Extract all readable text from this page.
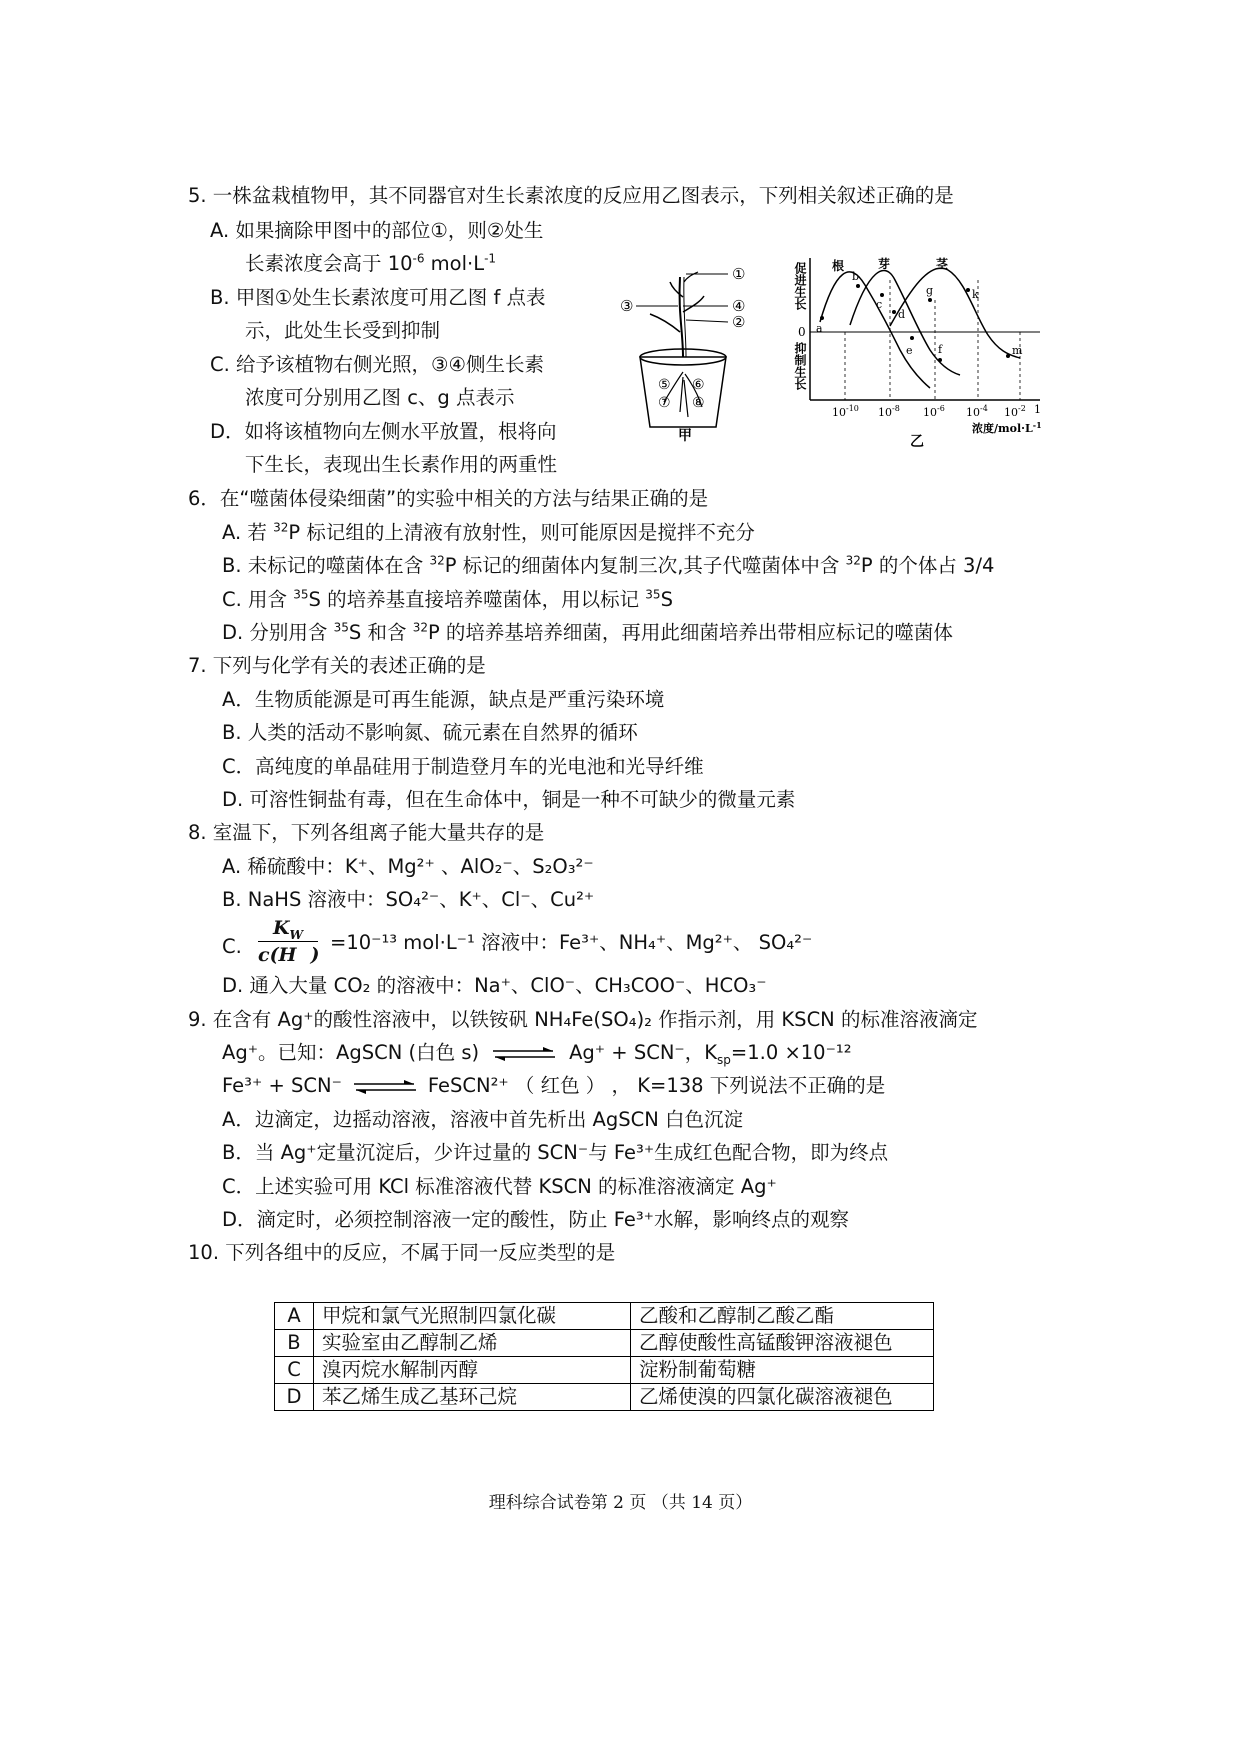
5. 一株盆栽植物甲，其不同器官对生长素浓度的反应用乙图表示，下列相关叙述正确的是
A. 如果摘除甲图中的部位①，则②处生
长素浓度会高于 $10^{-6}$ $mol\cdot L^{-1}$
B. 甲图①处生长素浓度可用乙图 f 点表
示，此处生长受到抑制
C. 给予该植物右侧光照，③④侧生长素
浓度可分别用乙图 c、g 点表示
D．如将该植物向左侧水平放置，根将向
下生长，表现出生长素作用的两重性
①
②
③	④
⑤ ⑥
⑦ ⑧
甲
促进生长
0
抑制生长
根	芽	茎
a
b
c
d
e f
g	k
m
$10^{-10}$ $10^{-8}$ $10^{-6}$ $10^{-4}$ $10^{-2}$ 1
浓度$/mol\cdot L^{-1}$
乙
6．在“噬菌体侵染细菌”的实验中相关的方法与结果正确的是
A. 若 $^{32}$P 标记组的上清液有放射性，则可能原因是搅拌不充分
B. 未标记的噬菌体在含 $^{32}$P 标记的细菌体内复制三次,其子代噬菌体中含 $^{32}$P 的个体占 3/4
C. 用含 $^{35}$S 的培养基直接培养噬菌体，用以标记 $^{35}$S
D. 分别用含 $^{35}$S 和含 $^{32}$P 的培养基培养细菌，再用此细菌培养出带相应标记的噬菌体
7. 下列与化学有关的表述正确的是
A．生物质能源是可再生能源，缺点是严重污染环境
B. 人类的活动不影响氮、硫元素在自然界的循环
C．高纯度的单晶硅用于制造登月车的光电池和光导纤维
D. 可溶性铜盐有毒，但在生命体中，铜是一种不可缺少的微量元素
8. 室温下，下列各组离子能大量共存的是
A. 稀硫酸中：K⁺、Mg²⁺ 、AlO₂⁻、S₂O₃²⁻
B. NaHS 溶液中：SO₄²⁻、K⁺、Cl⁻、Cu²⁺
C.
$K_W$
c(H )
=10⁻¹³ mol·L⁻¹ 溶液中：Fe³⁺、NH₄⁺、Mg²⁺、 SO₄²⁻
D. 通入大量 CO₂ 的溶液中：Na⁺、ClO⁻、CH₃COO⁻、HCO₃⁻
9. 在含有 Ag⁺的酸性溶液中，以铁铵矾 NH₄Fe(SO₄)₂ 作指示剂，用 KSCN 的标准溶液滴定
Ag⁺。已知：AgSCN (白色 s) ⇌ Ag⁺ + SCN⁻，$K_{sp}=1.0 \times 10^{-12}$
Fe³⁺ + SCN⁻ ⇌ FeSCN²⁺ （ 红色 ） ， K=138 下列说法不正确的是
A．边滴定，边摇动溶液，溶液中首先析出 AgSCN 白色沉淀
B．当 Ag⁺定量沉淀后，少许过量的 SCN⁻与 Fe³⁺生成红色配合物，即为终点
C．上述实验可用 KCl 标准溶液代替 KSCN 的标准溶液滴定 Ag⁺
D．滴定时，必须控制溶液一定的酸性，防止 Fe³⁺水解，影响终点的观察
10. 下列各组中的反应，不属于同一反应类型的是
A	甲烷和氯气光照制四氯化碳	乙酸和乙醇制乙酸乙酯
B	实验室由乙醇制乙烯	乙醇使酸性高锰酸钾溶液褪色
C	溴丙烷水解制丙醇	淀粉制葡萄糖
D	苯乙烯生成乙基环己烷	乙烯使溴的四氯化碳溶液褪色
理科综合试卷第 2 页 （共 14 页）
